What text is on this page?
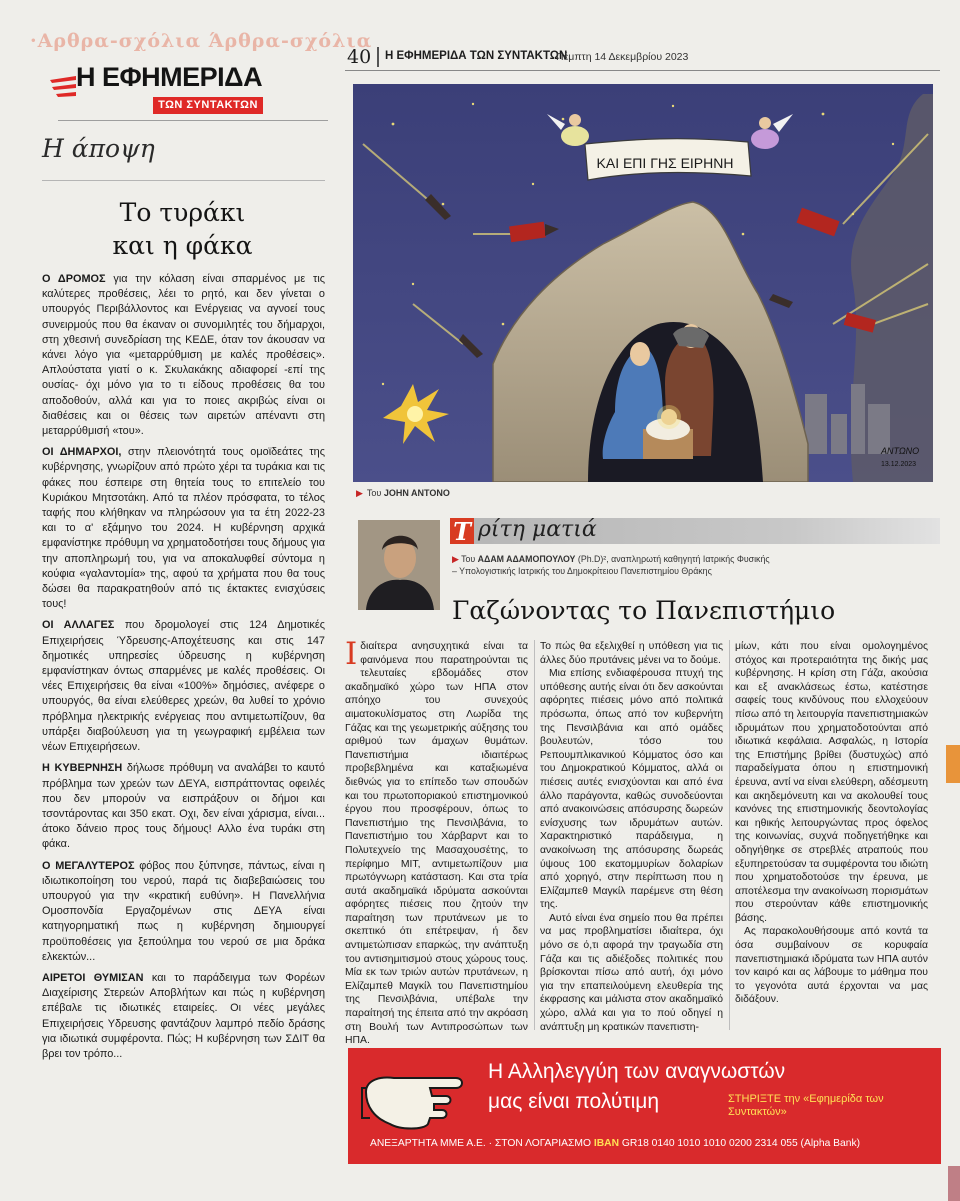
·Αρθρα-σχόλια Άρθρα-σχόλια
Η ΕΦΗΜΕΡΙΔΑ
ΤΩΝ ΣΥΝΤΑΚΤΩΝ
Η άποψη
Το τυράκι
και η φάκα

Ο ΔΡΟΜΟΣ για την κόλαση είναι σπαρμένος με τις καλύτερες προθέσεις, λέει το ρητό, και δεν γίνεται ο υπουργός Περιβάλλοντος και Ενέργειας να αγνοεί τους συνειρμούς που θα έκαναν οι συνομιλητές του δήμαρχοι, στη χθεσινή συνεδρίαση της ΚΕΔΕ, όταν τον άκουσαν να κάνει λόγο για «μεταρρύθμιση με καλές προθέσεις». Απλούστατα γιατί ο κ. Σκυλακάκης αδιαφορεί -επί της ουσίας- όχι μόνο για το τι είδους προθέσεις θα του αποδοθούν, αλλά και για το ποιες ακριβώς είναι οι διαθέσεις και οι θέσεις των αιρετών απέναντι στη μεταρρύθμισή «του».

ΟΙ ΔΗΜΑΡΧΟΙ, στην πλειονότητά τους ομοϊδεάτες της κυβέρνησης, γνωρίζουν από πρώτο χέρι τα τυράκια και τις φάκες που έσπειρε στη θητεία τους το επιτελείο του Κυριάκου Μητσοτάκη. Από τα πλέον πρόσφατα, το τέλος ταφής που κλήθηκαν να πληρώσουν για τα έτη 2022-23 και το α' εξάμηνο του 2024. Η κυβέρνηση αρχικά εμφανίστηκε πρόθυμη να χρηματοδοτήσει τους δήμους για την αποπληρωμή του, για να αποκαλυφθεί σύντομα η κούφια «γαλαντομία» της, αφού τα χρήματα που θα τους δώσει θα παρακρατηθούν από τις έκτακτες ενισχύσεις τους!

ΟΙ ΑΛΛΑΓΕΣ που δρομολογεί στις 124 Δημοτικές Επιχειρήσεις Ύδρευσης-Αποχέτευσης και στις 147 δημοτικές υπηρεσίες ύδρευσης η κυβέρνηση εμφανίστηκαν όντως σπαρμένες με καλές προθέσεις. Οι νέες Επιχειρήσεις θα είναι «100%» δημόσιες, ανέφερε ο υπουργός, θα είναι ελεύθερες χρεών, θα λυθεί το χρόνιο πρόβλημα ηλεκτρικής ενέργειας που αντιμετωπίζουν, θα υπάρξει διαβούλευση για τη γεωγραφική εμβέλεια των νέων Επιχειρήσεων.

Η ΚΥΒΕΡΝΗΣΗ δήλωσε πρόθυμη να αναλάβει το καυτό πρόβλημα των χρεών των ΔΕΥΑ, εισπράττοντας οφειλές που δεν μπορούν να εισπράξουν οι δήμοι και τσοντάροντας και 350 εκατ. Οχι, δεν είναι χάρισμα, είναι... άτοκο δάνειο προς τους δήμους! Αλλο ένα τυράκι στη φάκα.

Ο ΜΕΓΑΛΥΤΕΡΟΣ φόβος που ξύπνησε, πάντως, είναι η ιδιωτικοποίηση του νερού, παρά τις διαβεβαιώσεις του υπουργού για την «κρατική ευθύνη». Η Πανελλήνια Ομοσπονδία Εργαζομένων στις ΔΕΥΑ είναι κατηγορηματική πως η κυβέρνηση δημιουργεί προϋποθέσεις για ξεπούλημα του νερού σε μια δράκα ελκεκτών...

ΑΙΡΕΤΟΙ ΘΥΜΙΣΑΝ και το παράδειγμα των Φορέων Διαχείρισης Στερεών Αποβλήτων και πώς η κυβέρνηση επέβαλε τις ιδιωτικές εταιρείες. Οι νέες μεγάλες Επιχειρήσεις Υδρευσης φαντάζουν λαμπρό πεδίο δράσης για ιδιωτικά συμφέροντα. Πώς; Η κυβέρνηση των ΣΔΙΤ θα βρει τον τρόπο...

40 Η ΕΦΗΜΕΡΙΔΑ ΤΩΝ ΣΥΝΤΑΚΤΩΝ
Πέμπτη 14 Δεκεμβρίου 2023
ΚΑΙ ΕΠΙ ΓΗΣ ΕΙΡΗΝΗ
ΑΝΤΩΝΟ
13.12.2023
▶ Του JOHN ANTONO
Τ ρίτη ματιά
▶ Του ΑΔΑΜ ΑΔΑΜΟΠΟΥΛΟΥ (Ph.D)², αναπληρωτή καθηγητή Ιατρικής Φυσικής
– Υπολογιστικής Ιατρικής του Δημοκρίτειου Πανεπιστημίου Θράκης
Γαζώνοντας το Πανεπιστήμιο

Ιδιαίτερα ανησυχητικά είναι τα φαινόμενα που παρατηρούνται τις τελευταίες εβδομάδες στον ακαδημαϊκό χώρο των ΗΠΑ στον απόηχο του συνεχούς αιματοκυλίσματος στη Λωρίδα της Γάζας και της γεωμετρικής αύξησης του αριθμού των άμαχων θυμάτων. Πανεπιστήμια ιδιαιτέρως προβεβλημένα και καταξιωμένα διεθνώς για το επίπεδο των σπουδών και του πρωτοποριακού επιστημονικού έργου που προσφέρουν, όπως το Πανεπιστήμιο της Πενσιλβάνια, το Πανεπιστήμιο του Χάρβαρντ και το Πολυτεχνείο της Μασαχουσέτης, το περίφημο MIT, αντιμετωπίζουν μια πρωτόγνωρη κατάσταση. Και στα τρία αυτά ακαδημαϊκά ιδρύματα ασκούνται αφόρητες πιέσεις που ζητούν την παραίτηση των πρυτάνεων με το σκεπτικό ότι επέτρεψαν, ή δεν αντιμετώπισαν επαρκώς, την ανάπτυξη του αντισημιτισμού στους χώρους τους. Μία εκ των τριών αυτών πρυτάνεων, η Ελίζαμπεθ Μαγκίλ του Πανεπιστημίου της Πενσιλβάνια, υπέβαλε την παραίτησή της έπειτα από την ακρόαση στη Βουλή των Αντιπροσώπων των ΗΠΑ.

Το πώς θα εξελιχθεί η υπόθεση για τις άλλες δύο πρυτάνεις μένει να το δούμε.

Μια επίσης ενδιαφέρουσα πτυχή της υπόθεσης αυτής είναι ότι δεν ασκούνται αφόρητες πιέσεις μόνο από πολιτικά πρόσωπα, όπως από τον κυβερνήτη της Πενσιλβάνια και από ομάδες βουλευτών, τόσο του Ρεπουμπλικανικού Κόμματος όσο και του Δημοκρατικού Κόμματος, αλλά οι πιέσεις αυτές ενισχύονται και από ένα άλλο παράγοντα, καθώς συνοδεύονται από ανακοινώσεις απόσυρσης δωρεών ενίσχυσης των ιδρυμάτων αυτών. Χαρακτηριστικό παράδειγμα, η ανακοίνωση της απόσυρσης δωρεάς ύψους 100 εκατομμυρίων δολαρίων από χορηγό, στην περίπτωση που η Ελίζαμπεθ Μαγκίλ παρέμενε στη θέση της.

Αυτό είναι ένα σημείο που θα πρέπει να μας προβληματίσει ιδιαίτερα, όχι μόνο σε ό,τι αφορά την τραγωδία στη Γάζα και τις αδιέξοδες πολιτικές που βρίσκονται πίσω από αυτή, όχι μόνο για την επαπειλούμενη ελευθερία της έκφρασης και μάλιστα στον ακαδημαϊκό χώρο, αλλά και για το πού οδηγεί η ανάπτυξη μη κρατικών πανεπιστη-

μίων, κάτι που είναι ομολογημένος στόχος και προτεραιότητα της δικής μας κυβέρνησης. Η κρίση στη Γάζα, ακούσια και εξ ανακλάσεως έστω, κατέστησε σαφείς τους κινδύνους που ελλοχεύουν πίσω από τη λειτουργία πανεπιστημιακών ιδρυμάτων που χρηματοδοτούνται από ιδιωτικά κεφάλαια. Ασφαλώς, η Ιστορία της Επιστήμης βρίθει (δυστυχώς) από παραδείγματα όπου η επιστημονική έρευνα, αντί να είναι ελεύθερη, αδέσμευτη και ακηδεμόνευτη και να ακολουθεί τους κανόνες της επιστημονικής δεοντολογίας και ηθικής λειτουργώντας προς όφελος της κοινωνίας, συχνά ποδηγετήθηκε και οδηγήθηκε σε στρεβλές ατραπούς που εξυπηρετούσαν τα συμφέροντα του ιδιώτη που χρηματοδοτούσε την έρευνα, με αποτέλεσμα την ανακοίνωση πορισμάτων που στερούνταν κάθε επιστημονικής βάσης.

Ας παρακολουθήσουμε από κοντά τα όσα συμβαίνουν σε κορυφαία πανεπιστημιακά ιδρύματα των ΗΠΑ αυτόν τον καιρό και ας λάβουμε το μάθημα που το γεγονότα αυτά έρχονται να μας διδάξουν.

Η Αλληλεγγύη των αναγνωστών
μας είναι πολύτιμη	ΣΤΗΡΙΞΤΕ την «Εφημερίδα των Συντακτών»
ΑΝΕΞΑΡΤΗΤΑ ΜΜΕ Α.Ε. · ΣΤΟΝ ΛΟΓΑΡΙΑΣΜΟ IBAN GR18 0140 1010 1010 0200 2314 055 (Alpha Bank)
